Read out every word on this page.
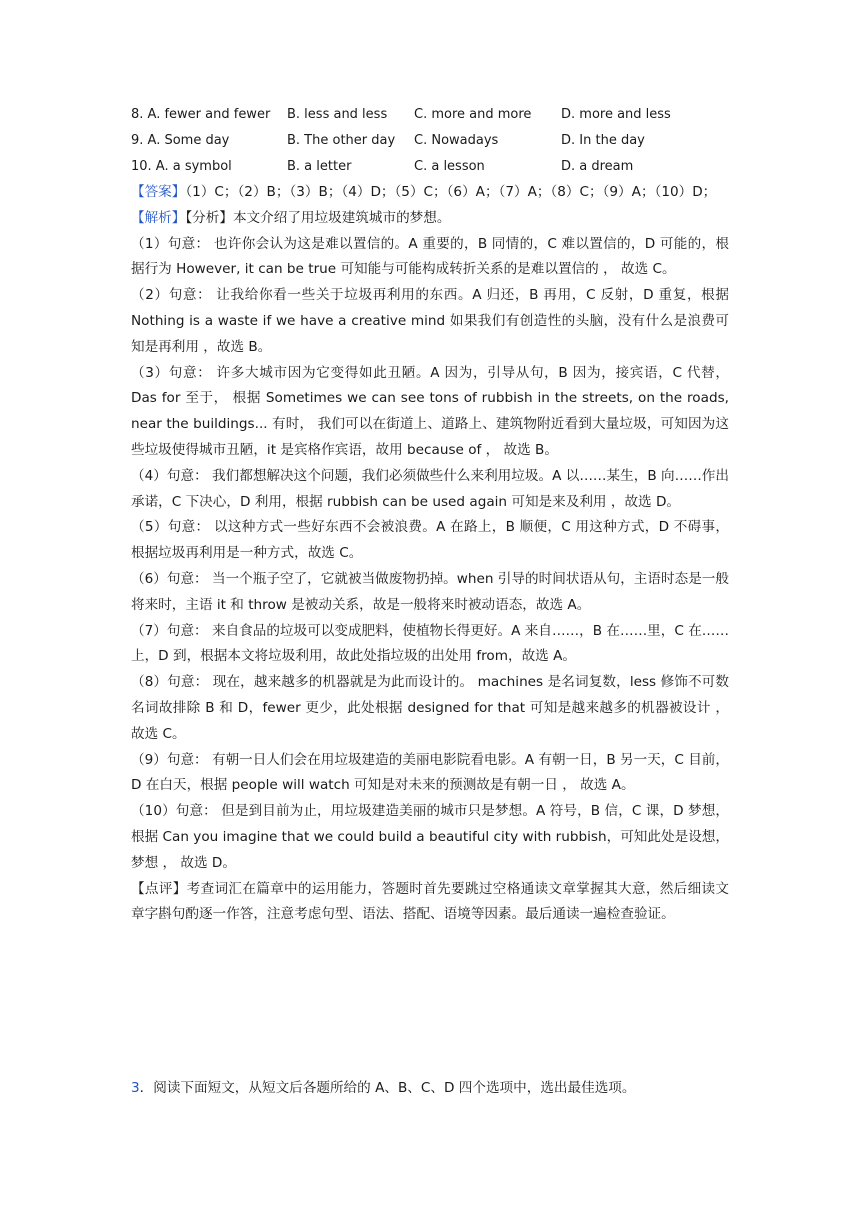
8. A. fewer and fewer B. less and less C. more and more D. more and less
9. A. Some day	B. The other day C. Nowadays	D. In the day
10. A. a symbol	B. a letter	C. a lesson	D. a dream

【答案】（1）C；（2）B；（3）B；（4）D；（5）C；（6）A；（7）A；（8）C；（9）A；（10）D；

【解析】【分析】本文介绍了用垃圾建筑城市的梦想。

（1）句意： 也许你会认为这是难以置信的。A 重要的，B 同情的，C 难以置信的，D 可能的，根据行为 However, it can be true 可知能与可能构成转折关系的是难以置信的 ， 故选 C。

（2）句意： 让我给你看一些关于垃圾再利用的东西。A 归还，B 再用，C 反射，D 重复，根据 Nothing is a waste if we have a creative mind 如果我们有创造性的头脑，没有什么是浪费可知是再利用 ，故选 B。

（3）句意： 许多大城市因为它变得如此丑陋。A 因为，引导从句，B 因为，接宾语，C 代替， Das for 至于， 根据 Sometimes we can see tons of rubbish in the streets, on the roads, near the buildings... 有时， 我们可以在街道上、道路上、建筑物附近看到大量垃圾，可知因为这些垃圾使得城市丑陋，it 是宾格作宾语，故用 because of ， 故选 B。

（4）句意： 我们都想解决这个问题，我们必须做些什么来利用垃圾。A 以……某生，B 向……作出承诺，C 下决心，D 利用，根据 rubbish can be used again 可知是来及利用 ，故选 D。

（5）句意： 以这种方式一些好东西不会被浪费。A 在路上，B 顺便，C 用这种方式，D 不碍事，根据垃圾再利用是一种方式，故选 C。

（6）句意： 当一个瓶子空了，它就被当做废物扔掉。when 引导的时间状语从句，主语时态是一般将来时，主语 it 和 throw 是被动关系，故是一般将来时被动语态，故选 A。

（7）句意： 来自食品的垃圾可以变成肥料，使植物长得更好。A 来自……，B 在……里，C 在……上，D 到，根据本文将垃圾利用，故此处指垃圾的出处用 from，故选 A。

（8）句意： 现在，越来越多的机器就是为此而设计的。 machines 是名词复数，less 修饰不可数名词故排除 B 和 D，fewer 更少，此处根据 designed for that 可知是越来越多的机器被设计 ， 故选 C。

（9）句意： 有朝一日人们会在用垃圾建造的美丽电影院看电影。A 有朝一日，B 另一天，C 目前，D 在白天，根据 people will watch 可知是对未来的预测故是有朝一日 ， 故选 A。

（10）句意： 但是到目前为止，用垃圾建造美丽的城市只是梦想。A 符号，B 信，C 课，D 梦想，根据 Can you imagine that we could build a beautiful city with rubbish，可知此处是设想，梦想 ， 故选 D。

【点评】考查词汇在篇章中的运用能力，答题时首先要跳过空格通读文章掌握其大意，然后细读文章字斟句酌逐一作答，注意考虑句型、语法、搭配、语境等因素。最后通读一遍检查验证。

3．阅读下面短文，从短文后各题所给的 A、B、C、D 四个选项中，选出最佳选项。
